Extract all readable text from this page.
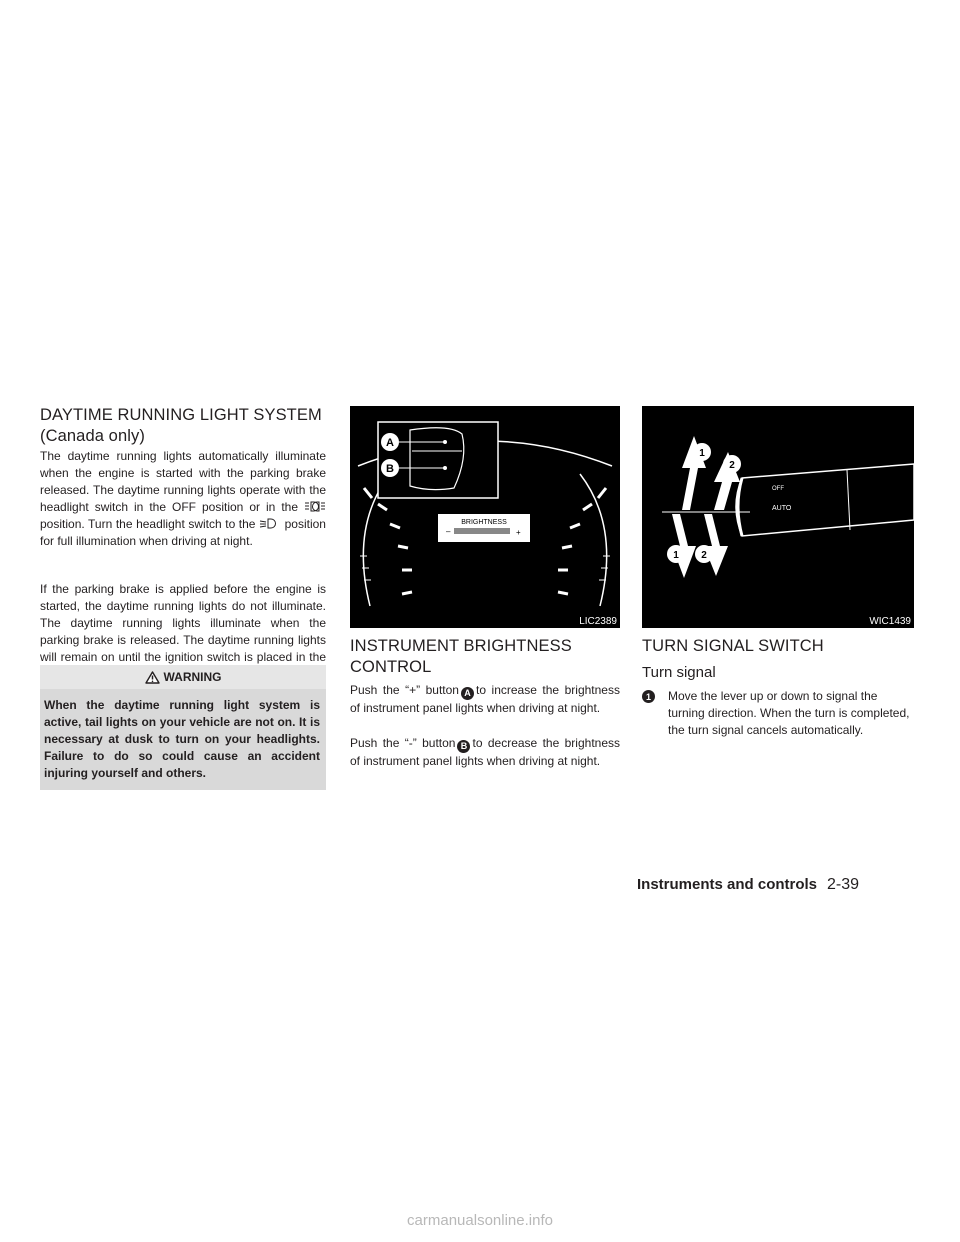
DAYTIME RUNNING LIGHT SYSTEM
(Canada only)

The daytime running lights automatically illuminate when the engine is started with the parking brake released. The daytime running lights operate with the headlight switch in the OFF position or in the  position. Turn the headlight switch to the position for full illumination when driving at night.

If the parking brake is applied before the engine is started, the daytime running lights do not illuminate. The daytime running lights illuminate when the parking brake is released. The daytime running lights will remain on until the ignition switch is placed in the

WARNING
When the daytime running light system is active, tail lights on your vehicle are not on. It is necessary at dusk to turn on your headlights. Failure to do so could cause an accident injuring yourself and others.
A
B
BRIGHTNESS
–	+
LIC2389
INSTRUMENT BRIGHTNESS
CONTROL

Push the “+” button A to increase the brightness of instrument panel lights when driving at night.

Push the “-” button B to decrease the brightness of instrument panel lights when driving at night.

OFF
AUTO
1
2
1 2
WIC1439
TURN SIGNAL SWITCH
Turn signal
1	Move the lever up or down to signal the turning direction. When the turn is completed, the turn signal cancels automatically.

Instruments and controls 2-39
carmanualsonline.info
